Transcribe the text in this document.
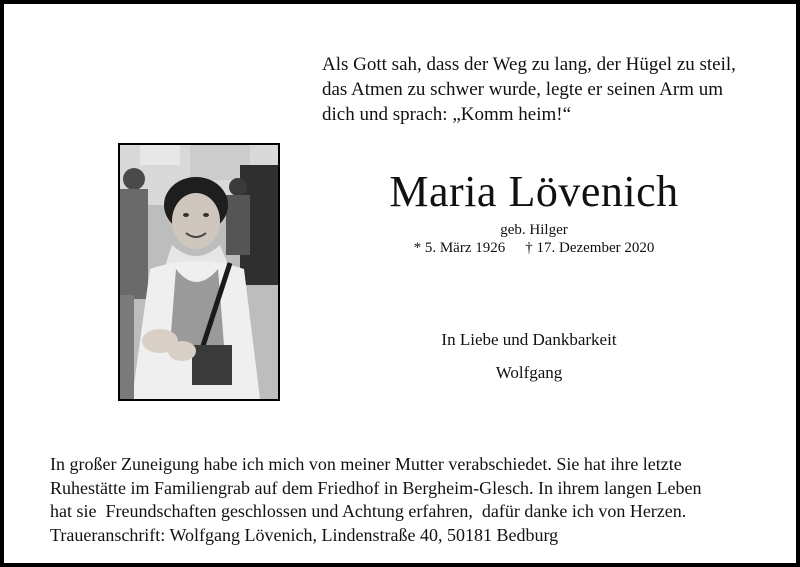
Als Gott sah, dass der Weg zu lang, der Hügel zu steil,
das Atmen zu schwer wurde, legte er seinen Arm um
dich und sprach: „Komm heim!“
Maria Lövenich
geb. Hilger
* 5. März 1926 † 17. Dezember 2020
In Liebe und Dankbarkeit
Wolfgang
In großer Zuneigung habe ich mich von meiner Mutter verabschiedet. Sie hat ihre letzte
Ruhestätte im Familiengrab auf dem Friedhof in Bergheim-Glesch. In ihrem langen Leben
hat sie  Freundschaften geschlossen und Achtung erfahren,  dafür danke ich von Herzen.
Traueranschrift: Wolfgang Lövenich, Lindenstraße 40, 50181 Bedburg
